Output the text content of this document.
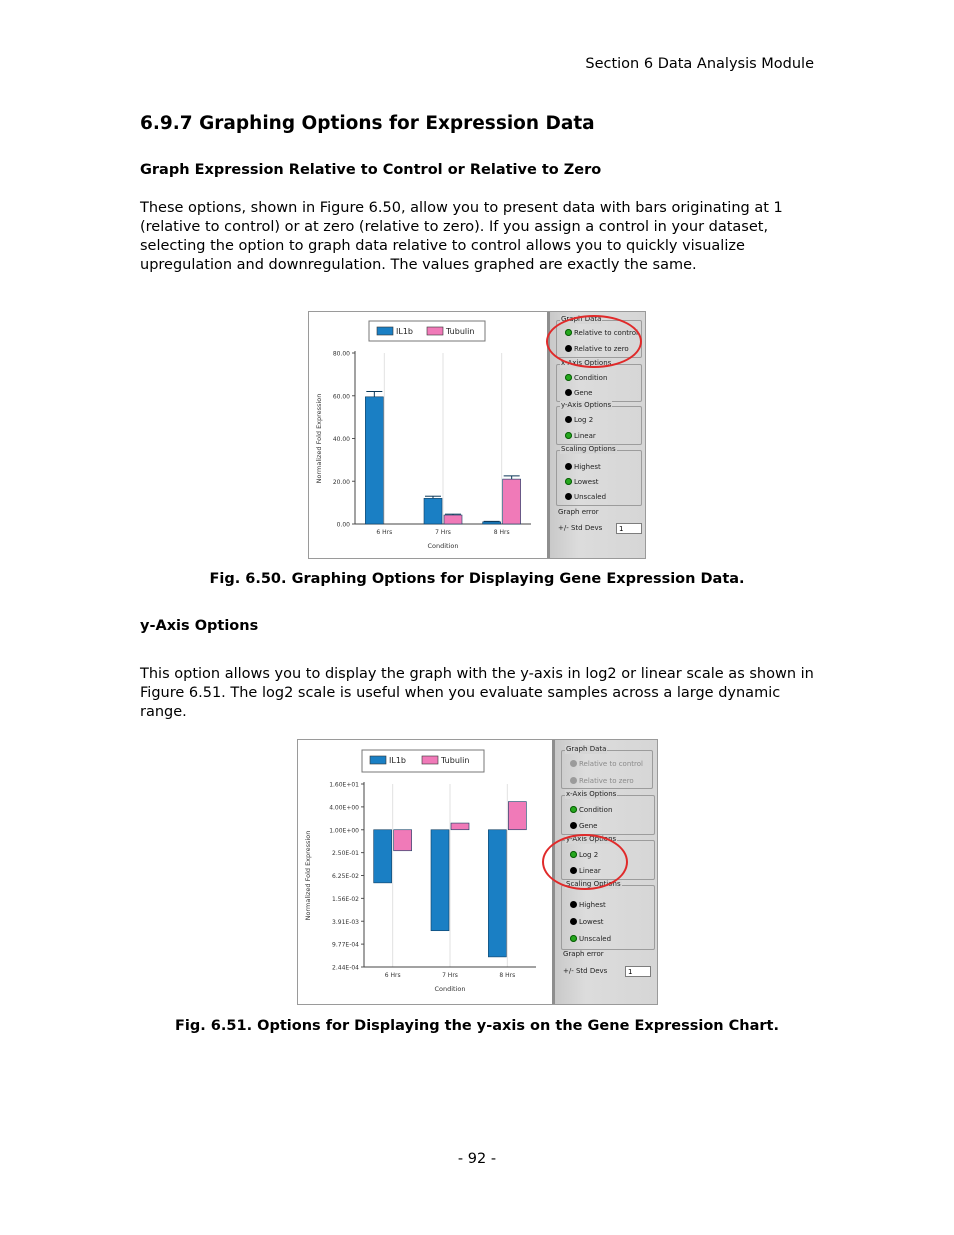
Section 6 Data Analysis Module
6.9.7 Graphing Options for Expression Data
Graph Expression Relative to Control or Relative to Zero
These options, shown in Figure 6.50, allow you to present data with bars originating at 1 (relative to control) or at zero (relative to zero). If you assign a control in your dataset, selecting the option to graph data relative to control allows you to quickly visualize upregulation and downregulation. The values graphed are exactly the same.
IL1b	Tubulin
0.00
20.00
40.00
60.00
80.00
6 Hrs	7 Hrs	8 Hrs
Condition
Normalized Fold Expression
Graph Data
Relative to control
Relative to zero
x-Axis Options
Condition
Gene
y-Axis Options
Log 2
Linear
Scaling Options
Highest
Lowest
Unscaled
Graph error
+/- Std Devs	1
Fig. 6.50. Graphing Options for Displaying Gene Expression Data.
y-Axis Options
This option allows you to display the graph with the y-axis in log2 or linear scale as shown in Figure 6.51. The log2 scale is useful when you evaluate samples across a large dynamic range.
IL1b	Tubulin
2.44E-04
9.77E-04
3.91E-03
1.56E-02
6.25E-02
2.50E-01
1.00E+00
4.00E+00
1.60E+01
6 Hrs	7 Hrs	8 Hrs
Condition
Normalized Fold Expression
Graph Data
Relative to control
Relative to zero
x-Axis Options
Condition
Gene
y-Axis Options
Log 2
Linear
Scaling Options
Highest
Lowest
Unscaled
Graph error
+/- Std Devs	1
Fig. 6.51. Options for Displaying the y-axis on the Gene Expression Chart.
- 92 -
